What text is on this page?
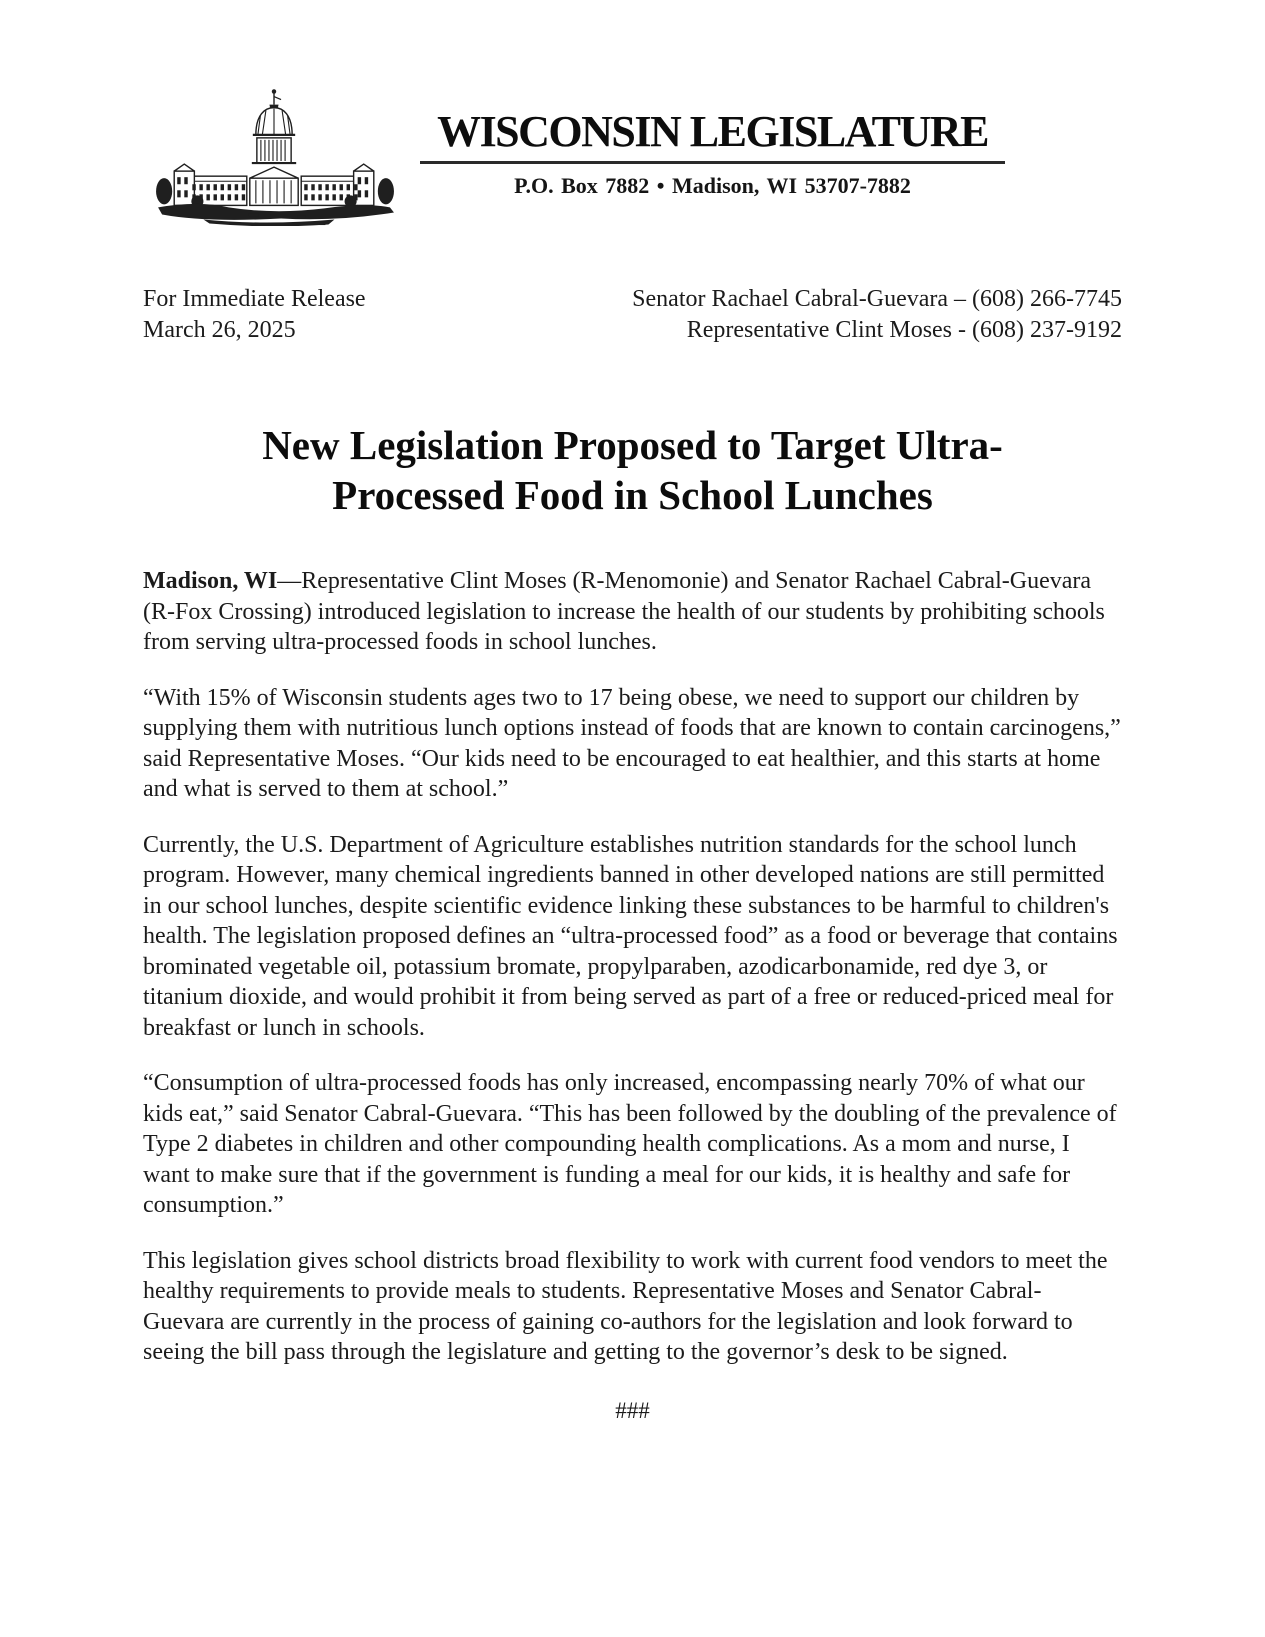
WISCONSIN LEGISLATURE
P.O. Box 7882 • Madison, WI 53707-7882
For Immediate Release
March 26, 2025
Senator Rachael Cabral-Guevara – (608) 266-7745
Representative Clint Moses - (608) 237-9192
New Legislation Proposed to Target Ultra-
Processed Food in School Lunches

Madison, WI—Representative Clint Moses (R-Menomonie) and Senator Rachael Cabral-Guevara (R-Fox Crossing) introduced legislation to increase the health of our students by prohibiting schools from serving ultra-processed foods in school lunches.

“With 15% of Wisconsin students ages two to 17 being obese, we need to support our children by supplying them with nutritious lunch options instead of foods that are known to contain carcinogens,” said Representative Moses. “Our kids need to be encouraged to eat healthier, and this starts at home and what is served to them at school.”

Currently, the U.S. Department of Agriculture establishes nutrition standards for the school lunch program. However, many chemical ingredients banned in other developed nations are still permitted in our school lunches, despite scientific evidence linking these substances to be harmful to children's health. The legislation proposed defines an “ultra-processed food” as a food or beverage that contains brominated vegetable oil, potassium bromate, propylparaben, azodicarbonamide, red dye 3, or titanium dioxide, and would prohibit it from being served as part of a free or reduced-priced meal for breakfast or lunch in schools.

“Consumption of ultra-processed foods has only increased, encompassing nearly 70% of what our kids eat,” said Senator Cabral-Guevara. “This has been followed by the doubling of the prevalence of Type 2 diabetes in children and other compounding health complications. As a mom and nurse, I want to make sure that if the government is funding a meal for our kids, it is healthy and safe for consumption.”

This legislation gives school districts broad flexibility to work with current food vendors to meet the healthy requirements to provide meals to students. Representative Moses and Senator Cabral-Guevara are currently in the process of gaining co-authors for the legislation and look forward to seeing the bill pass through the legislature and getting to the governor’s desk to be signed.

###
